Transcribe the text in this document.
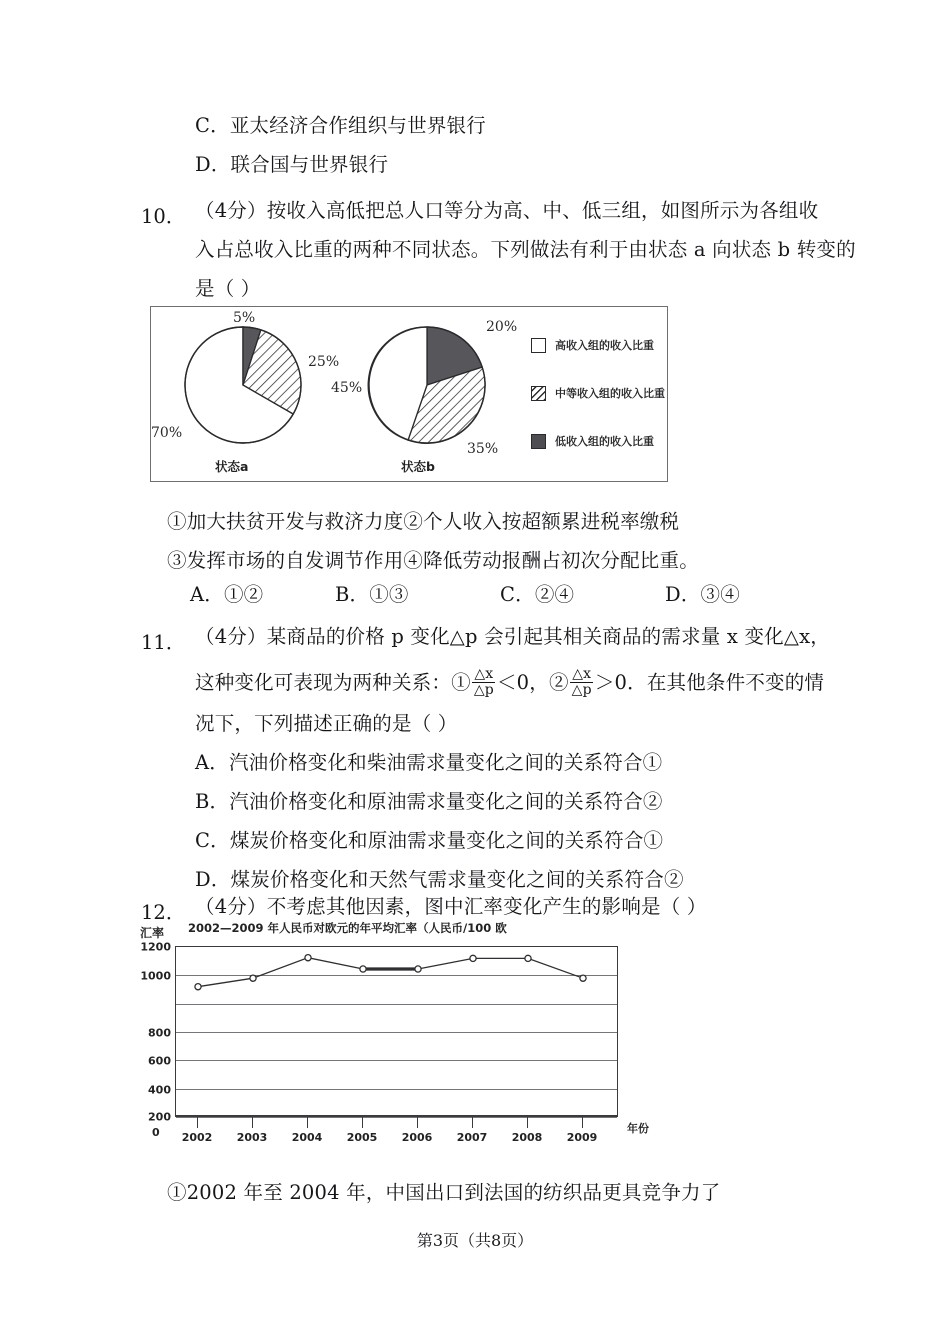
C．亚太经济合作组织与世界银行
D．联合国与世界银行
10． （4分）按收入高低把总人口等分为高、中、低三组，如图所示为各组收
入占总收入比重的两种不同状态。下列做法有利于由状态 a 向状态 b 转变的
是（ ）
5%
25%
70%
状态a
20%
35%
45%
状态b
高收入组的收入比重
中等收入组的收入比重
低收入组的收入比重
①加大扶贫开发与救济力度②个人收入按超额累进税率缴税
③发挥市场的自发调节作用④降低劳动报酬占初次分配比重。
A．①②	B．①③	C．②④	D．③④
11． （4分）某商品的价格 p 变化△p 会引起其相关商品的需求量 x 变化△x，
这种变化可表现为两种关系：① $\frac{\triangle x}{\triangle p} <0$，② $\frac{\triangle x}{\triangle p} >0$．在其他条件不变的情
况下，下列描述正确的是（ ）
A．汽油价格变化和柴油需求量变化之间的关系符合①
B．汽油价格变化和原油需求量变化之间的关系符合②
C．煤炭价格变化和原油需求量变化之间的关系符合①
D．煤炭价格变化和天然气需求量变化之间的关系符合②
12． （4分）不考虑其他因素，图中汇率变化产生的影响是（ ）
汇率 2002—2009 年人民币对欧元的年平均汇率（人民币/100 欧
1000
800
600
400
1200
200
2002 2003 2004 2005 2006 2007 2008 2009
年份
0
①2002 年至 2004 年，中国出口到法国的纺织品更具竞争力了
第3页（共8页）
